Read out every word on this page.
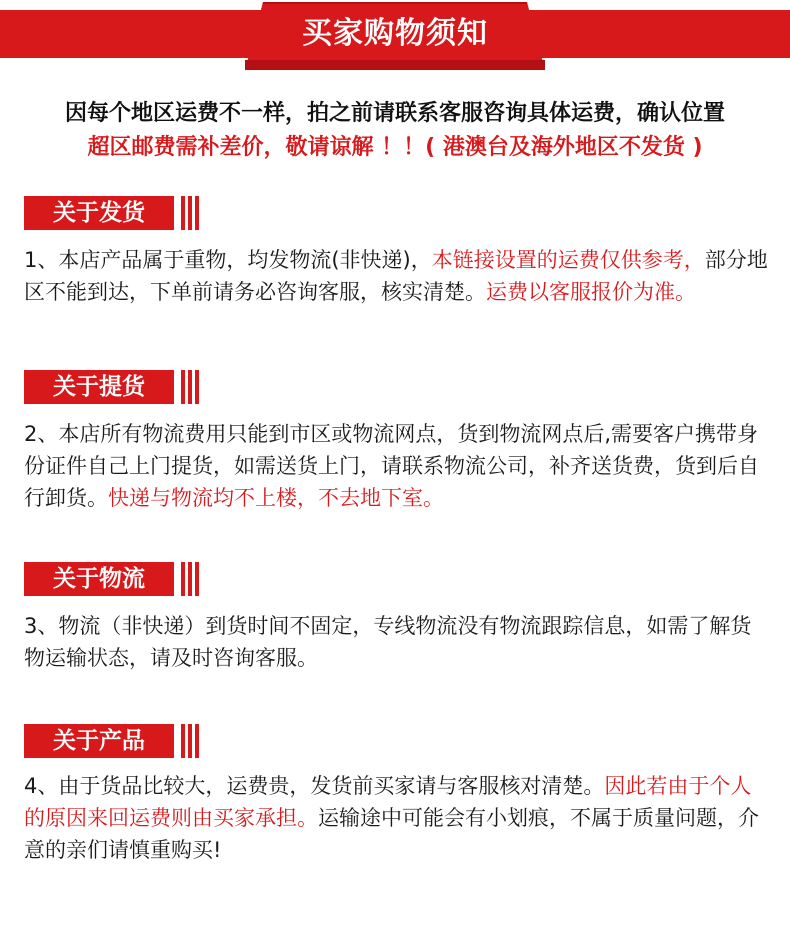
买家购物须知
因每个地区运费不一样，拍之前请联系客服咨询具体运费，确认位置
超区邮费需补差价，敬请谅解 ！！( 港澳台及海外地区不发货 )
关于发货
1、本店产品属于重物，均发物流(非快递)，本链接设置的运费仅供参考，部分地区不能到达，下单前请务必咨询客服，核实清楚。运费以客服报价为准。
关于提货
2、本店所有物流费用只能到市区或物流网点，货到物流网点后,需要客户携带身份证件自己上门提货，如需送货上门，请联系物流公司，补齐送货费，货到后自行卸货。快递与物流均不上楼，不去地下室。
关于物流
3、物流（非快递）到货时间不固定，专线物流没有物流跟踪信息，如需了解货物运输状态，请及时咨询客服。
关于产品
4、由于货品比较大，运费贵，发货前买家请与客服核对清楚。因此若由于个人的原因来回运费则由买家承担。运输途中可能会有小划痕，不属于质量问题，介意的亲们请慎重购买!
